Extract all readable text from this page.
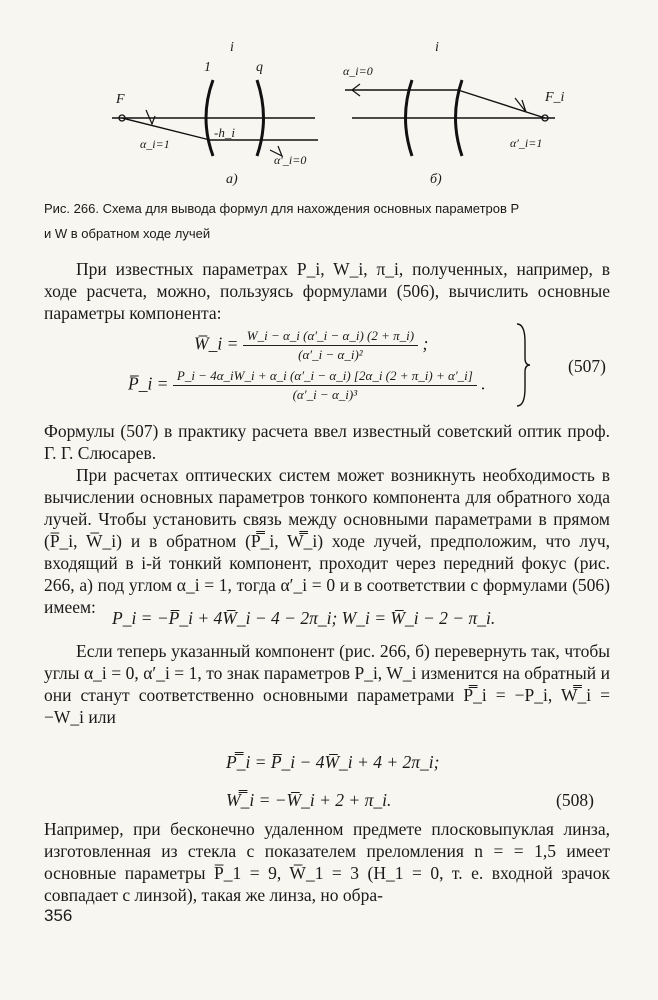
i
1	q
F
α_i=1
-h_i
α′_i=0
а)
i
α_i=0
F_i
α′_i=1
б)
Рис. 266. Схема для вывода формул для нахождения основных параметров P
и W в обратном ходе лучей
При известных параметрах P_i, W_i, π_i, полученных, например, в ходе расчета, можно, пользуясь формулами (506), вычислить основные параметры компонента:
W̅_i = $\frac{W\_i - \alpha\_i (\alpha'\_i - \alpha\_i) (2 + \pi\_i)}{\text{(α′\_i − α\_i)²}}$ ;
P̅_i = $\frac{P\_i - 4\alpha\_iW\_i + \alpha\_i (\alpha'\_i - \alpha\_i) [2\alpha\_i (2 + \pi\_i) + \alpha'\_i]}{\text{(α′\_i − α\_i)³}}$ .
(507)
Формулы (507) в практику расчета ввел известный советский оптик проф. Г. Г. Слюсарев.
При расчетах оптических систем может возникнуть необходимость в вычислении основных параметров тонкого компонента для обратного хода лучей. Чтобы установить связь между основными параметрами в прямом (P̅_i, W̅_i) и в обратном (P̿_i, W̿_i) ходе лучей, предположим, что луч, входящий в i-й тонкий компонент, проходит через передний фокус (рис. 266, а) под углом α_i = 1, тогда α′_i = 0 и в соответствии с формулами (506) имеем:
P_i = −P̅_i + 4W̅_i − 4 − 2π_i; W_i = W̅_i − 2 − π_i.
Если теперь указанный компонент (рис. 266, б) перевернуть так, чтобы углы α_i = 0, α′_i = 1, то знак параметров P_i, W_i изменится на обратный и они станут соответственно основными параметрами P̿_i = −P_i, W̿_i = −W_i или
P̿_i = P̅_i − 4W̅_i + 4 + 2π_i;
W̿_i = −W̅_i + 2 + π_i.	(508)
Например, при бесконечно удаленном предмете плосковыпуклая линза, изготовленная из стекла с показателем преломления n = = 1,5 имеет основные параметры P̅_1 = 9, W̅_1 = 3 (H_1 = 0, т. е. входной зрачок совпадает с линзой), такая же линза, но обра-
356
